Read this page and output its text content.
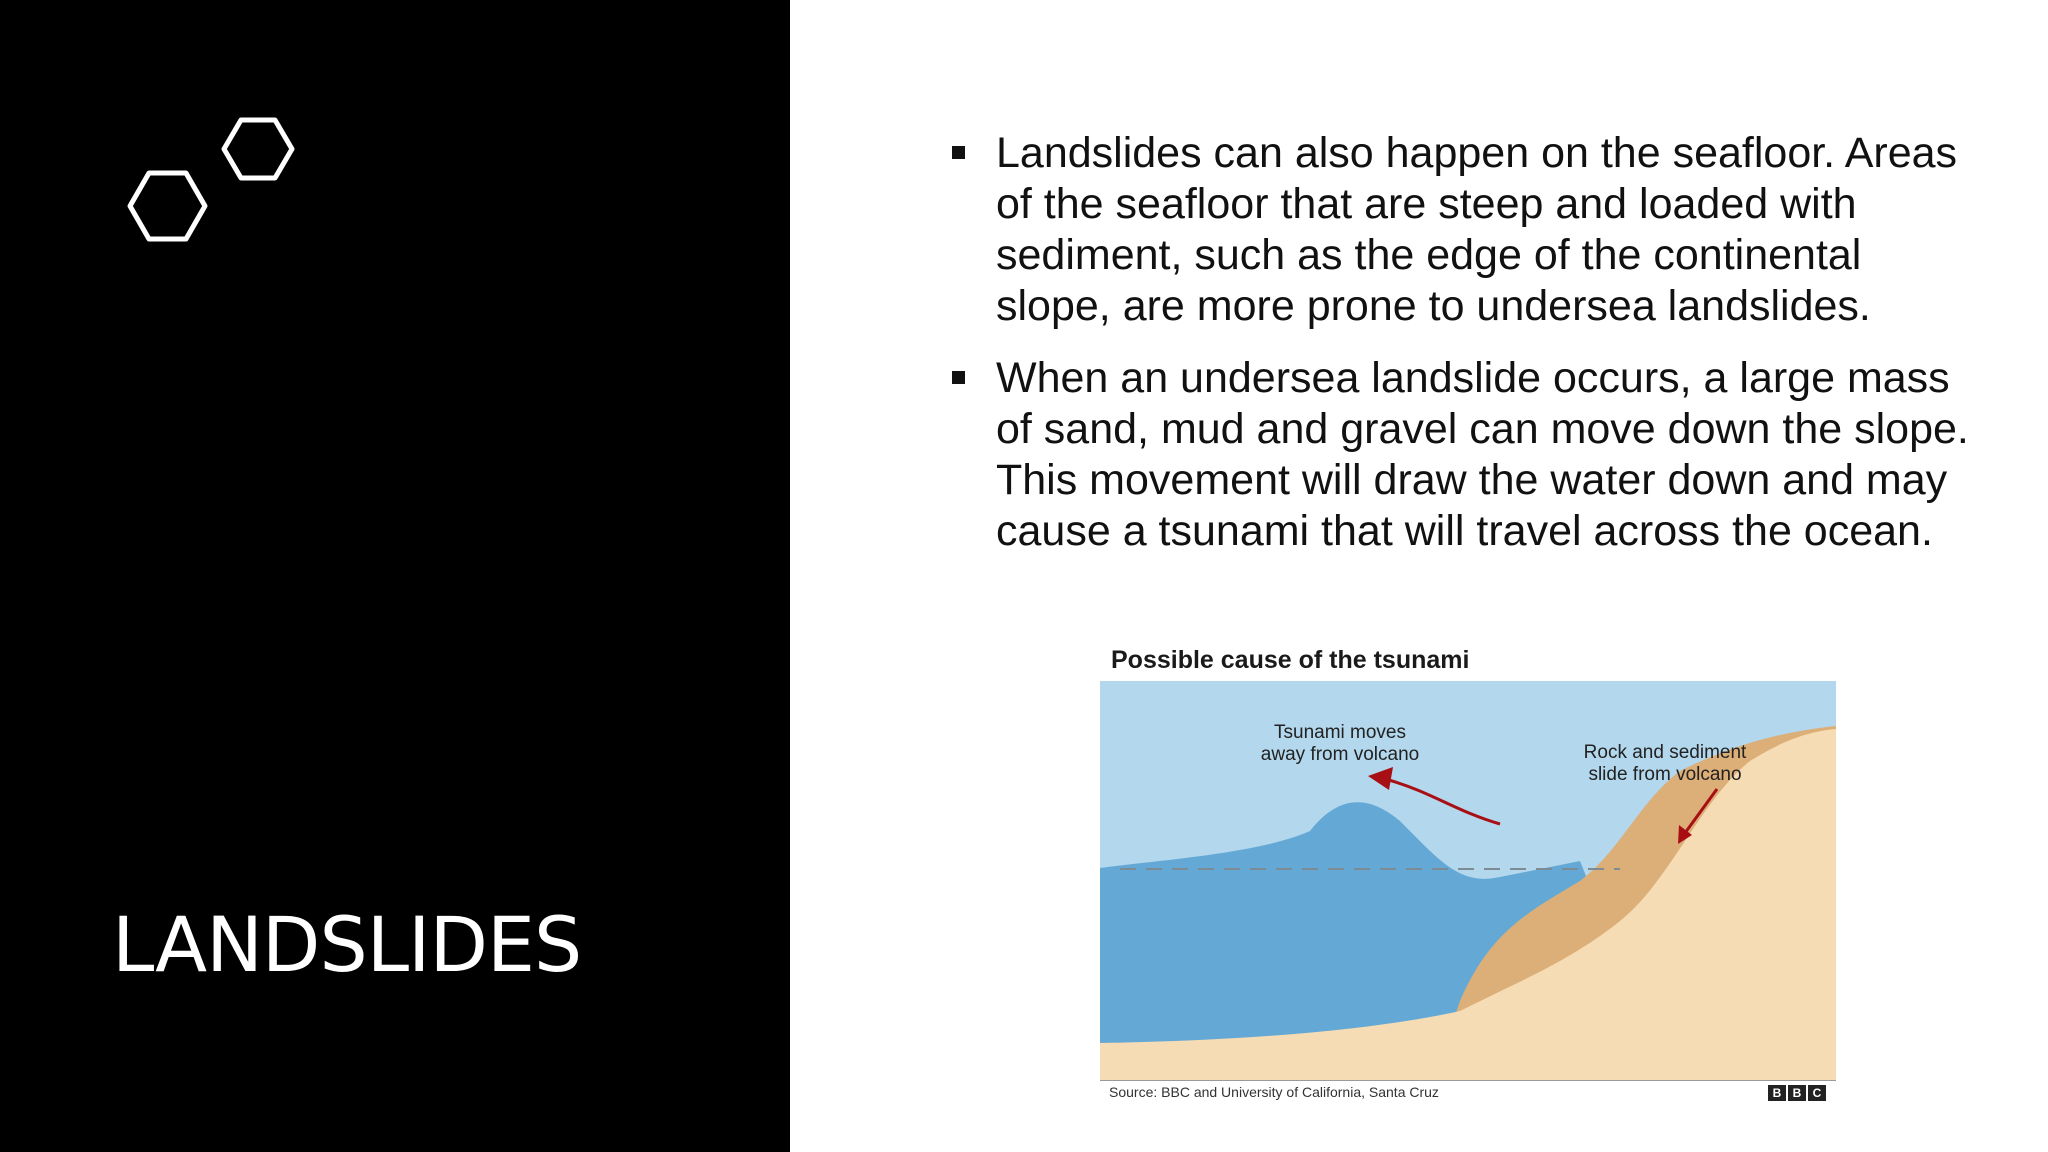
LANDSLIDES
Landslides can also happen on the seafloor. Areas of the seafloor that are steep and loaded with sediment, such as the edge of the continental slope, are more prone to undersea landslides.
When an undersea landslide occurs, a large mass of sand, mud and gravel can move down the slope. This movement will draw the water down and may cause a tsunami that will travel across the ocean.
Possible cause of the tsunami
Tsunami moves
away from volcano	Rock and sediment
slide from volcano
Source: BBC and University of California, Santa Cruz	B B C
